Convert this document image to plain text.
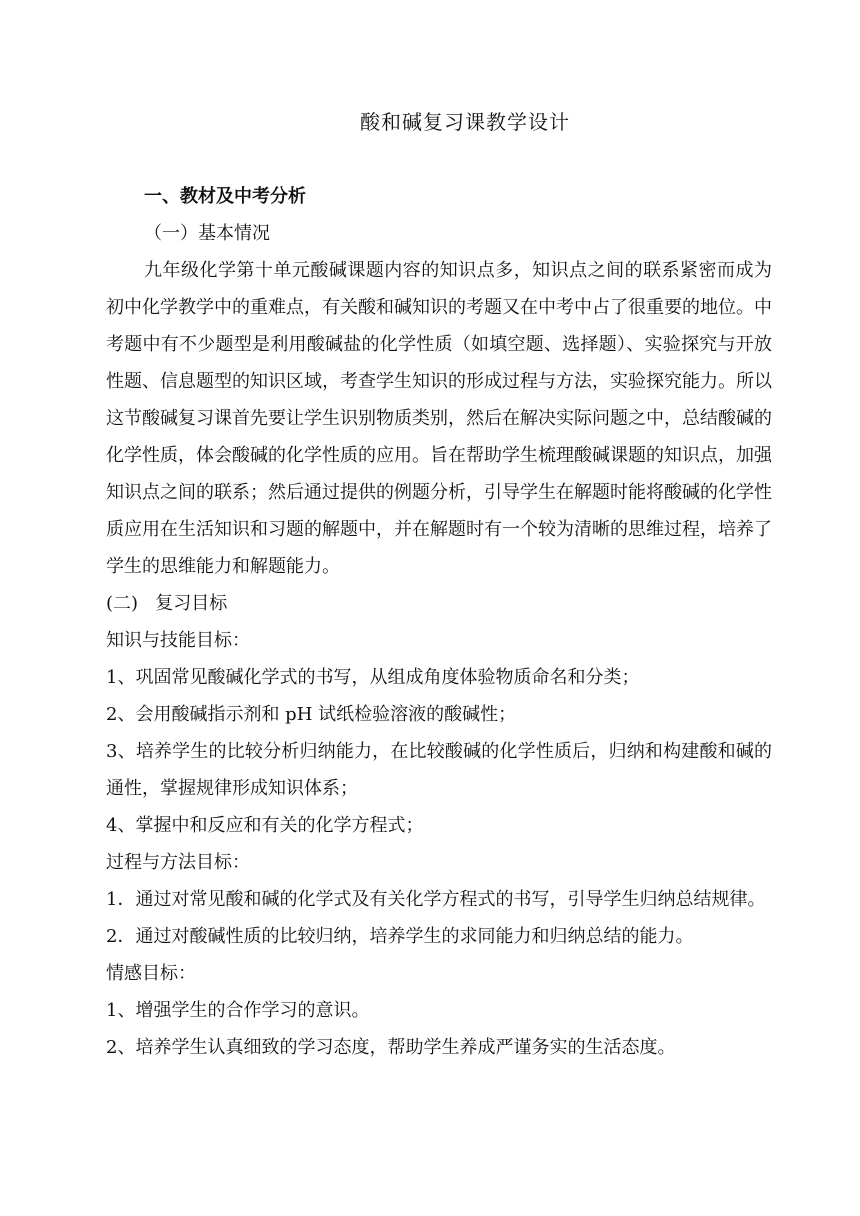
酸和碱复习课教学设计

一、教材及中考分析

（一）基本情况

九年级化学第十单元酸碱课题内容的知识点多，知识点之间的联系紧密而成为初中化学教学中的重难点，有关酸和碱知识的考题又在中考中占了很重要的地位。中考题中有不少题型是利用酸碱盐的化学性质（如填空题、选择题）、实验探究与开放性题、信息题型的知识区域，考查学生知识的形成过程与方法，实验探究能力。所以这节酸碱复习课首先要让学生识别物质类别，然后在解决实际问题之中，总结酸碱的化学性质，体会酸碱的化学性质的应用。旨在帮助学生梳理酸碱课题的知识点，加强知识点之间的联系；然后通过提供的例题分析，引导学生在解题时能将酸碱的化学性质应用在生活知识和习题的解题中，并在解题时有一个较为清晰的思维过程，培养了学生的思维能力和解题能力。

(二)   复习目标

知识与技能目标：

1、巩固常见酸碱化学式的书写，从组成角度体验物质命名和分类；

2、会用酸碱指示剂和 pH 试纸检验溶液的酸碱性；

3、培养学生的比较分析归纳能力，在比较酸碱的化学性质后，归纳和构建酸和碱的通性，掌握规律形成知识体系；

4、掌握中和反应和有关的化学方程式；

过程与方法目标：

1．通过对常见酸和碱的化学式及有关化学方程式的书写，引导学生归纳总结规律。

2．通过对酸碱性质的比较归纳，培养学生的求同能力和归纳总结的能力。

情感目标：

1、增强学生的合作学习的意识。

2、培养学生认真细致的学习态度，帮助学生养成严谨务实的生活态度。
